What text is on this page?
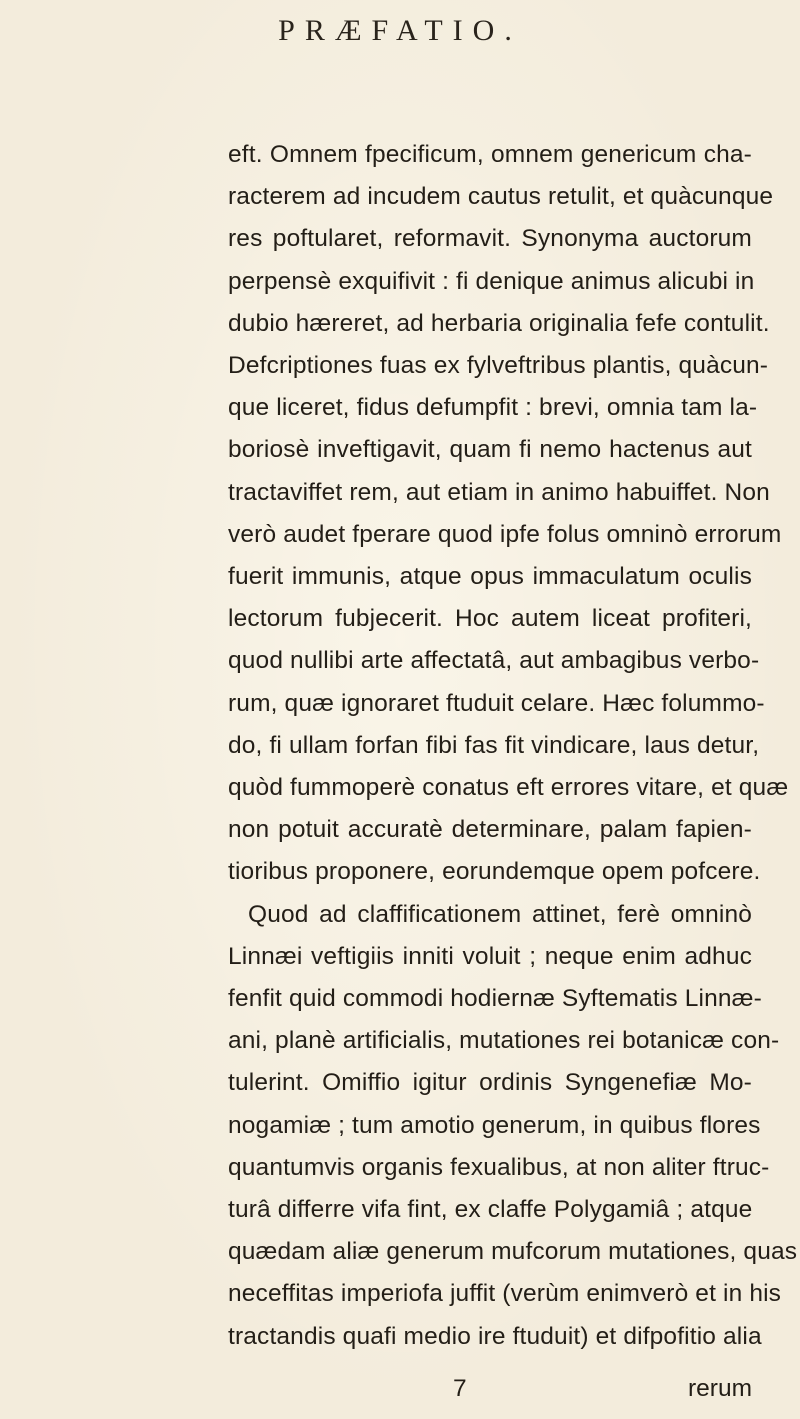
PRÆFATIO.
eft. Omnem fpecificum, omnem genericum cha-
racterem ad incudem cautus retulit, et quàcunque
res poftularet, reformavit. Synonyma auctorum
perpensè exquifivit : fi denique animus alicubi in
dubio hæreret, ad herbaria originalia fefe contulit.
Defcriptiones fuas ex fylveftribus plantis, quàcun-
que liceret, fidus defumpfit : brevi, omnia tam la-
boriosè inveftigavit, quam fi nemo hactenus aut
tractaviffet rem, aut etiam in animo habuiffet. Non
verò audet fperare quod ipfe folus omninò errorum
fuerit immunis, atque opus immaculatum oculis
lectorum fubjecerit. Hoc autem liceat profiteri,
quod nullibi arte affectatâ, aut ambagibus verbo-
rum, quæ ignoraret ftuduit celare. Hæc folummo-
do, fi ullam forfan fibi fas fit vindicare, laus detur,
quòd fummoperè conatus eft errores vitare, et quæ
non potuit accuratè determinare, palam fapien-
tioribus proponere, eorundemque opem pofcere.
Quod ad claffificationem attinet, ferè omninò
Linnæi veftigiis inniti voluit ; neque enim adhuc
fenfit quid commodi hodiernæ Syftematis Linnæ-
ani, planè artificialis, mutationes rei botanicæ con-
tulerint. Omiffio igitur ordinis Syngenefiæ Mo-
nogamiæ ; tum amotio generum, in quibus flores
quantumvis organis fexualibus, at non aliter ftruc-
turâ differre vifa fint, ex claffe Polygamiâ ; atque
quædam aliæ generum mufcorum mutationes, quas
neceffitas imperiofa juffit (verùm enimverò et in his
tractandis quafi medio ire ftuduit) et difpofitio alia
7	rerum
